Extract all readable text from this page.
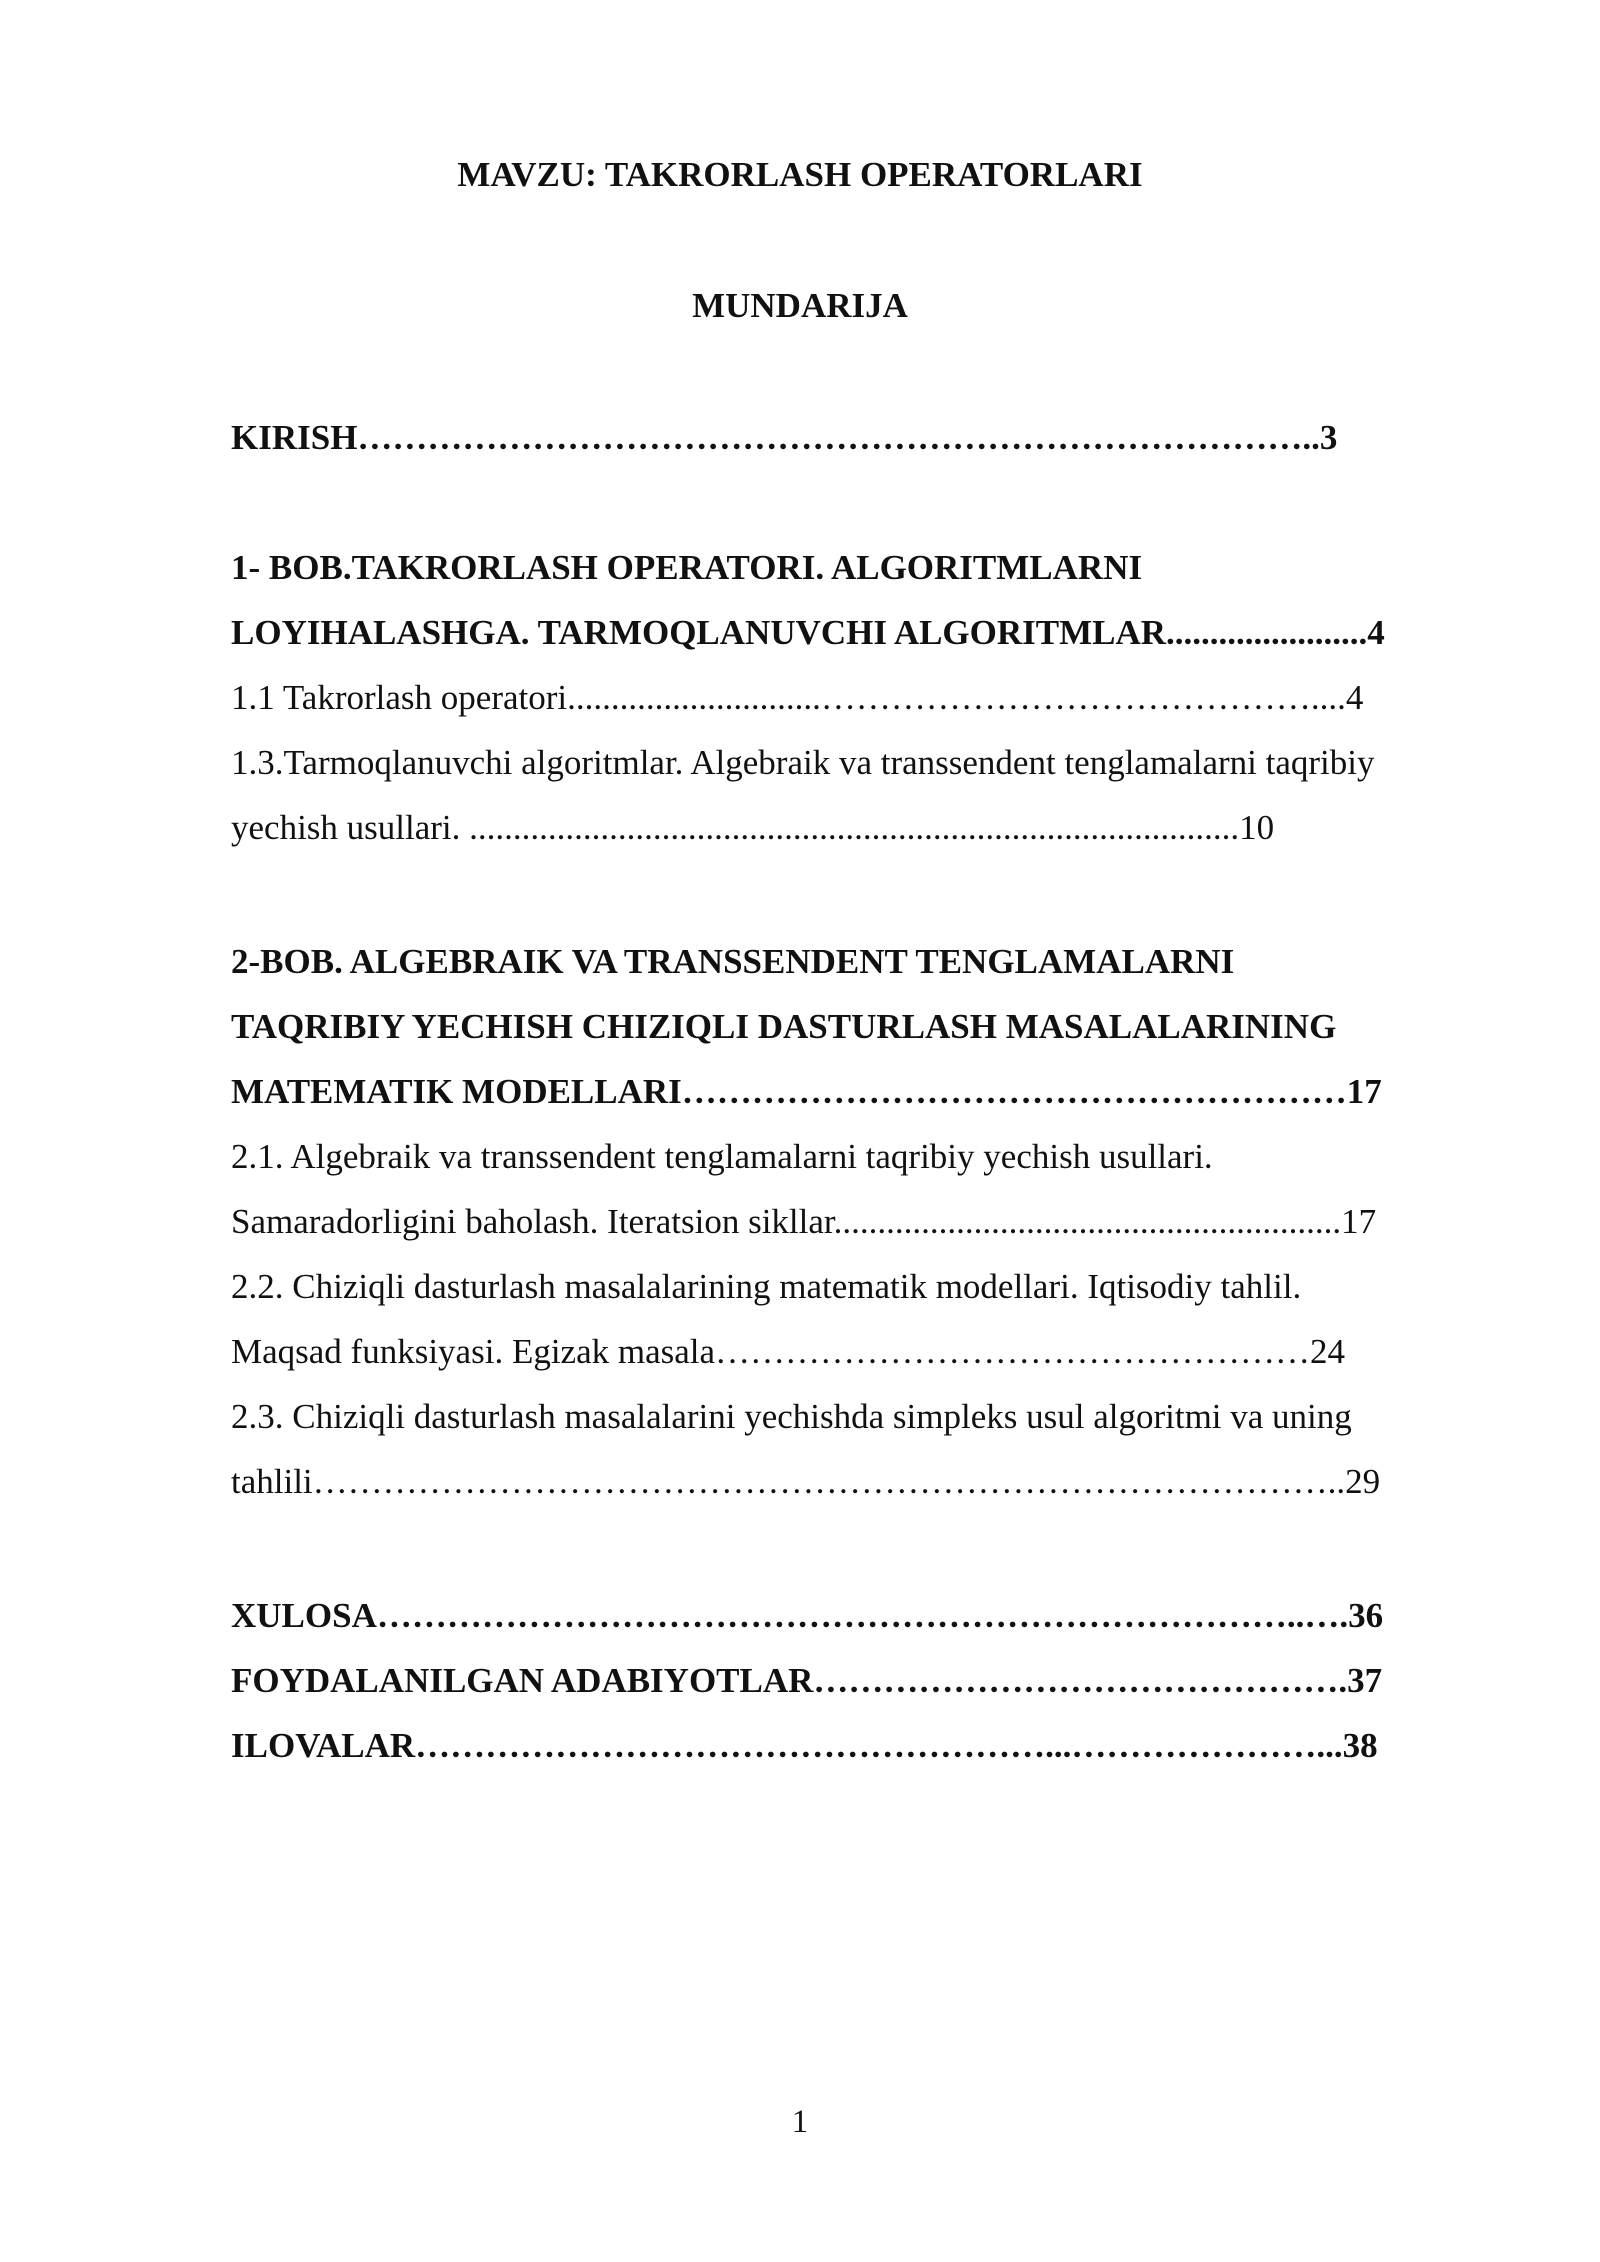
MAVZU: TAKRORLASH OPERATORLARI
MUNDARIJA
KIRISH………………………………………………………………………..3
1- BOB.TAKRORLASH OPERATORI. ALGORITMLARNI
LOYIHALASHGA. TARMOQLANUVCHI ALGORITMLAR.......................4
1.1 Takrorlash operatori.............................……………………………………....4
1.3.Tarmoqlanuvchi algoritmlar. Algebraik va transsendent tenglamalarni taqribiy
yechish usullari. ........................................................................................10
2-BOB. ALGEBRAIK VA TRANSSENDENT TENGLAMALARNI
TAQRIBIY YECHISH CHIZIQLI DASTURLASH MASALALARINING
MATEMATIK MODELLARI…………………………………………………17
2.1. Algebraik va transsendent tenglamalarni taqribiy yechish usullari.
Samaradorligini baholash. Iteratsion sikllar..........................................................17
2.2. Chiziqli dasturlash masalalarining matematik modellari. Iqtisodiy tahlil.
Maqsad funksiyasi. Egizak masala……………………………………………24
2.3. Chiziqli dasturlash masalalarini yechishda simpleks usul algoritmi va uning
tahlili……………………………………………………………………………..29
XULOSA……………………………………………………………………..….36
FOYDALANILGAN ADABIYOTLAR……………………………………….37
ILOVALAR………………………………………………...…………………...38
1
